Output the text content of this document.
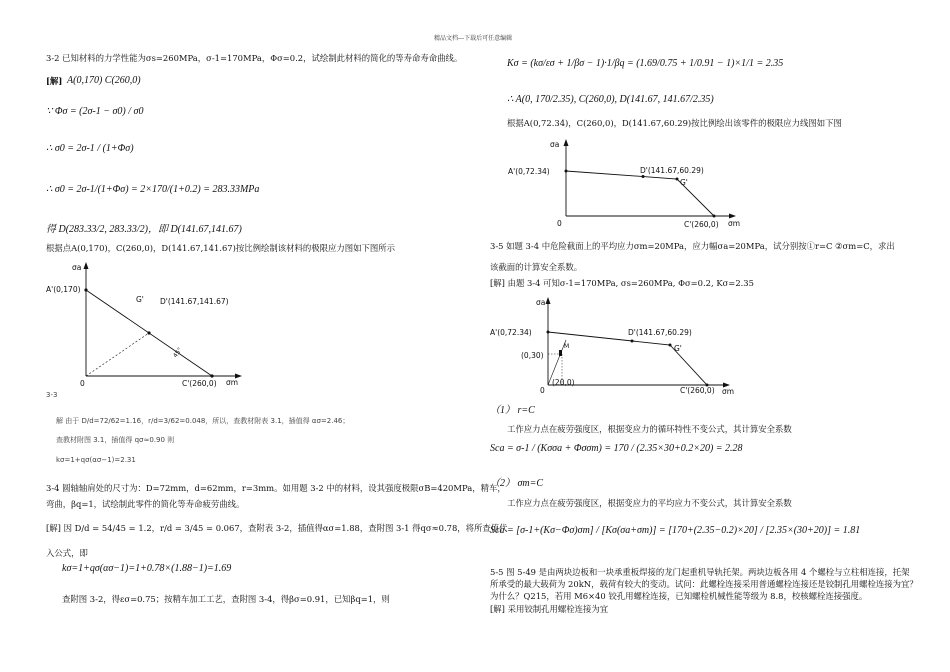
精品文档---下载后可任意编辑
3-2 已知材料的力学性能为σs=260MPa，σ-1=170MPa，Φσ=0.2，试绘制此材料的简化的等寿命寿命曲线。
[解] A(0,170) C(260,0)
∵ Φσ = (2σ-1 − σ0) / σ0
∴ σ0 = 2σ-1 / (1+Φσ)
∴ σ0 = 2σ-1/(1+Φσ) = 2×170/(1+0.2) = 283.33MPa
得 D(283.33/2, 283.33/2)，即 D(141.67,141.67)
根据点A(0,170)，C(260,0)，D(141.67,141.67)按比例绘制该材料的极限应力图如下图所示
σa
A'(0,170)
G' D'(141.67,141.67)
C'(260,0) σm
0
45°
3-3
解 由于 D/d=72/62=1.16，r/d=3/62=0.048，所以，查教材附表 3.1，插值得 ασ=2.46；
查教材附图 3.1，插值得 qσ≈0.90 则
kσ=1+qσ(ασ−1)=2.31
3-4 圆轴轴肩处的尺寸为：D=72mm，d=62mm，r=3mm。如用题 3-2 中的材料，设其强度极限σB=420MPa，精车，
弯曲，βq=1，试绘制此零件的简化等寿命疲劳曲线。
[解] 因 D/d = 54/45 = 1.2，r/d = 3/45 = 0.067，查附表 3-2，插值得ασ=1.88，查附图 3-1 得qσ≈0.78，将所查值代
入公式，即
kσ=1+qσ(ασ−1)=1+0.78×(1.88−1)=1.69
查附图 3-2，得εσ=0.75；按精车加工工艺，查附图 3-4，得βσ=0.91，已知βq=1，则
Kσ = (kσ/εσ + 1/βσ − 1)·1/βq = (1.69/0.75 + 1/0.91 − 1)×1/1 = 2.35
∴ A(0, 170/2.35), C(260,0), D(141.67, 141.67/2.35)
根据A(0,72.34)，C(260,0)，D(141.67,60.29)按比例绘出该零件的极限应力线图如下图
σa
A'(0,72.34)	D'(141.67,60.29)
G'
C'(260,0) σm
0
3-5 如题 3-4 中危险截面上的平均应力σm=20MPa，应力幅σa=20MPa，试分别按①r=C ②σm=C，求出
该截面的计算安全系数。
[解] 由题 3-4 可知σ-1=170MPa, σs=260MPa, Φσ=0.2, Kσ=2.35
σa
A'(0,72.34)	D'(141.67,60.29)
G'
M
(0,30)
(20,0)
C'(260,0) σm
0
（1） r=C
工作应力点在疲劳强度区，根据变应力的循环特性不变公式，其计算安全系数
Sca = σ-1 / (Kσσa + Φσσm) = 170 / (2.35×30+0.2×20) = 2.28
（2） σm=C
工作应力点在疲劳强度区，根据变应力的平均应力不变公式，其计算安全系数
Sca = [σ-1+(Kσ−Φσ)σm] / [Kσ(σa+σm)] = [170+(2.35−0.2)×20] / [2.35×(30+20)] = 1.81
5-5 图 5-49 是由两块边板和一块承重板焊接的龙门起重机导轨托架。两块边板各用 4 个螺栓与立柱相连接，托架
所承受的最大载荷为 20kN，载荷有较大的变动。试问：此螺栓连接采用普通螺栓连接还是铰制孔用螺栓连接为宜？
为什么？Q215，若用 M6×40 铰孔用螺栓连接，已知螺栓机械性能等级为 8.8，校核螺栓连接强度。
[解] 采用铰制孔用螺栓连接为宜
